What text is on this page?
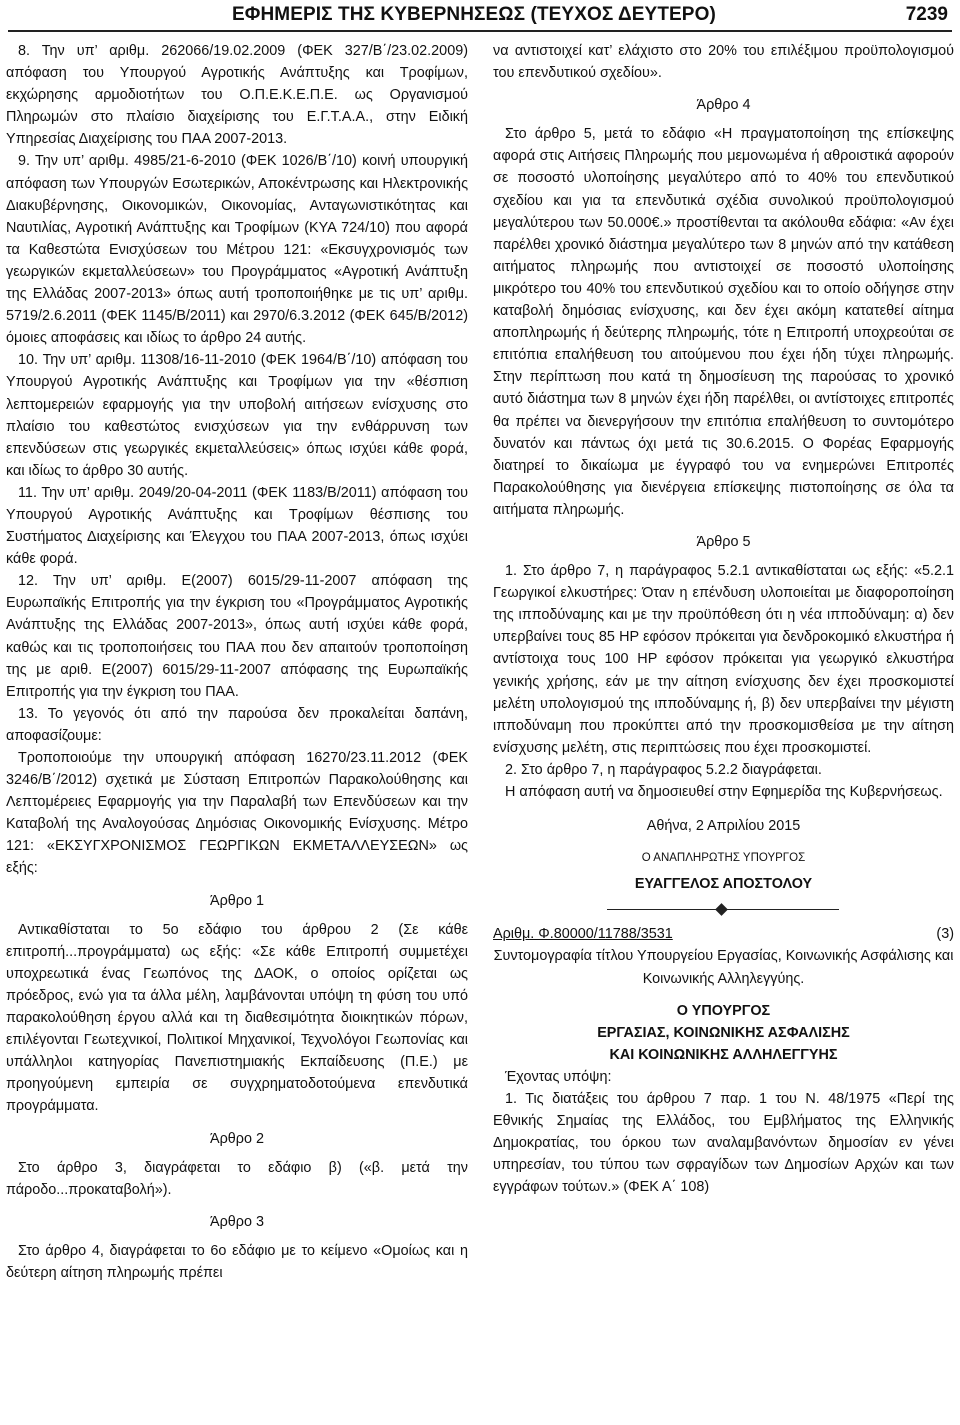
ΕΦΗΜΕΡΙΣ ΤΗΣ ΚΥΒΕΡΝΗΣΕΩΣ (ΤΕΥΧΟΣ ΔΕΥΤΕΡΟ)	7239

8. Την υπ’ αριθμ. 262066/19.02.2009 (ΦΕΚ 327/Β΄/23.02.2009) απόφαση του Υπουργού Αγροτικής Ανάπτυξης και Τροφίμων, εκχώρησης αρμοδιοτήτων του Ο.Π.Ε.Κ.Ε.Π.Ε. ως Οργανισμού Πληρωμών στο πλαίσιο διαχείρισης του Ε.Γ.Τ.Α.Α., στην Ειδική Υπηρεσίας Διαχείρισης του ΠΑΑ 2007-2013.

9. Την υπ’ αριθμ. 4985/21-6-2010 (ΦΕΚ 1026/Β΄/10) κοινή υπουργική απόφαση των Υπουργών Εσωτερικών, Αποκέντρωσης και Ηλεκτρονικής Διακυβέρνησης, Οικονομικών, Οικονομίας, Ανταγωνιστικότητας και Ναυτιλίας, Αγροτική Ανάπτυξης και Τροφίμων (ΚΥΑ 724/10) που αφορά τα Καθεστώτα Ενισχύσεων του Μέτρου 121: «Εκσυγχρονισμός των γεωργικών εκμεταλλεύσεων» του Προγράμματος «Αγροτική Ανάπτυξη της Ελλάδας 2007-2013» όπως αυτή τροποποιήθηκε με τις υπ’ αριθμ. 5719/2.6.2011 (ΦΕΚ 1145/Β/2011) και 2970/6.3.2012 (ΦΕΚ 645/Β/2012) όμοιες αποφάσεις και ιδίως το άρθρο 24 αυτής.

10. Την υπ’ αριθμ. 11308/16-11-2010 (ΦΕΚ 1964/Β΄/10) απόφαση του Υπουργού Αγροτικής Ανάπτυξης και Τροφίμων για την «θέσπιση λεπτομερειών εφαρμογής για την υποβολή αιτήσεων ενίσχυσης στο πλαίσιο του καθεστώτος ενισχύσεων για την ενθάρρυνση των επενδύσεων στις γεωργικές εκμεταλλεύσεις» όπως ισχύει κάθε φορά, και ιδίως το άρθρο 30 αυτής.

11. Την υπ’ αριθμ. 2049/20-04-2011 (ΦΕΚ 1183/Β/2011) απόφαση του Υπουργού Αγροτικής Ανάπτυξης και Τροφίμων θέσπισης του Συστήματος Διαχείρισης και Έλεγχου του ΠΑΑ 2007-2013, όπως ισχύει κάθε φορά.

12. Την υπ’ αριθμ. Ε(2007) 6015/29-11-2007 απόφαση της Ευρωπαϊκής Επιτροπής για την έγκριση του «Προγράμματος Αγροτικής Ανάπτυξης της Ελλάδας 2007-2013», όπως αυτή ισχύει κάθε φορά, καθώς και τις τροποποιήσεις του ΠΑΑ που δεν απαιτούν τροποποίηση της με αριθ. Ε(2007) 6015/29-11-2007 απόφασης της Ευρωπαϊκής Επιτροπής για την έγκριση του ΠΑΑ.

13. Το γεγονός ότι από την παρούσα δεν προκαλείται δαπάνη, αποφασίζουμε:

Τροποποιούμε την υπουργική απόφαση 16270/23.11.2012 (ΦΕΚ 3246/Β΄/2012) σχετικά με Σύσταση Επιτροπών Παρακολούθησης και Λεπτομέρειες Εφαρμογής για την Παραλαβή των Επενδύσεων και την Καταβολή της Αναλογούσας Δημόσιας Οικονομικής Ενίσχυσης. Μέτρο 121: «ΕΚΣΥΓΧΡΟΝΙΣΜΟΣ ΓΕΩΡΓΙΚΩΝ ΕΚΜΕΤΑΛΛΕΥΣΕΩΝ» ως εξής:

Άρθρο 1

Αντικαθίσταται το 5ο εδάφιο του άρθρου 2 (Σε κάθε επιτροπή...προγράμματα) ως εξής: «Σε κάθε Επιτροπή συμμετέχει υποχρεωτικά ένας Γεωπόνος της ΔΑΟΚ, ο οποίος ορίζεται ως πρόεδρος, ενώ για τα άλλα μέλη, λαμβάνονται υπόψη τη φύση του υπό παρακολούθηση έργου αλλά και τη διαθεσιμότητα διοικητικών πόρων, επιλέγονται Γεωτεχνικοί, Πολιτικοί Μηχανικοί, Τεχνολόγοι Γεωπονίας και υπάλληλοι κατηγορίας Πανεπιστημιακής Εκπαίδευσης (Π.Ε.) με προηγούμενη εμπειρία σε συγχρηματοδοτούμενα επενδυτικά προγράμματα.

Άρθρο 2

Στο άρθρο 3, διαγράφεται το εδάφιο β) («β. μετά την πάροδο...προκαταβολή»).

Άρθρο 3

Στο άρθρο 4, διαγράφεται το 6ο εδάφιο με το κείμενο «Ομοίως και η δεύτερη αίτηση πληρωμής πρέπει

να αντιστοιχεί κατ’ ελάχιστο στο 20% του επιλέξιμου προϋπολογισμού του επενδυτικού σχεδίου».

Άρθρο 4

Στο άρθρο 5, μετά το εδάφιο «Η πραγματοποίηση της επίσκεψης αφορά στις Αιτήσεις Πληρωμής που μεμονωμένα ή αθροιστικά αφορούν σε ποσοστό υλοποίησης μεγαλύτερο από το 40% του επενδυτικού σχεδίου και για τα επενδυτικά σχέδια συνολικού προϋπολογισμού μεγαλύτερου των 50.000€.» προστίθενται τα ακόλουθα εδάφια: «Αν έχει παρέλθει χρονικό διάστημα μεγαλύτερο των 8 μηνών από την κατάθεση αιτήματος πληρωμής που αντιστοιχεί σε ποσοστό υλοποίησης μικρότερο του 40% του επενδυτικού σχεδίου και το οποίο οδήγησε στην καταβολή δημόσιας ενίσχυσης, και δεν έχει ακόμη κατατεθεί αίτημα αποπληρωμής ή δεύτερης πληρωμής, τότε η Επιτροπή υποχρεούται σε επιτόπια επαλήθευση του αιτούμενου που έχει ήδη τύχει πληρωμής. Στην περίπτωση που κατά τη δημοσίευση της παρούσας το χρονικό αυτό διάστημα των 8 μηνών έχει ήδη παρέλθει, οι αντίστοιχες επιτροπές θα πρέπει να διενεργήσουν την επιτόπια επαλήθευση το συντομότερο δυνατόν και πάντως όχι μετά τις 30.6.2015. Ο Φορέας Εφαρμογής διατηρεί το δικαίωμα με έγγραφό του να ενημερώνει Επιτροπές Παρακολούθησης για διενέργεια επίσκεψης πιστοποίησης σε όλα τα αιτήματα πληρωμής.

Άρθρο 5

1. Στο άρθρο 7, η παράγραφος 5.2.1 αντικαθίσταται ως εξής: «5.2.1 Γεωργικοί ελκυστήρες: Όταν η επένδυση υλοποιείται με διαφοροποίηση της ιπποδύναμης και με την προϋπόθεση ότι η νέα ιπποδύναμη: α) δεν υπερβαίνει τους 85 ΗΡ εφόσον πρόκειται για δενδροκομικό ελκυστήρα ή αντίστοιχα τους 100 ΗΡ εφόσον πρόκειται για γεωργικό ελκυστήρα γενικής χρήσης, εάν με την αίτηση ενίσχυσης δεν έχει προσκομιστεί μελέτη υπολογισμού της ιπποδύναμης ή, β) δεν υπερβαίνει την μέγιστη ιπποδύναμη που προκύπτει από την προσκομισθείσα με την αίτηση ενίσχυσης μελέτη, στις περιπτώσεις που έχει προσκομιστεί.

2. Στο άρθρο 7, η παράγραφος 5.2.2 διαγράφεται.

Η απόφαση αυτή να δημοσιευθεί στην Εφημερίδα της Κυβερνήσεως.

Αθήνα, 2 Απριλίου 2015
Ο ΑΝΑΠΛΗΡΩΤΗΣ ΥΠΟΥΡΓΟΣ
ΕΥΑΓΓΕΛΟΣ ΑΠΟΣΤΟΛΟΥ
Αριθμ. Φ.80000/11788/3531	(3)
Συντομογραφία τίτλου Υπουργείου Εργασίας, Κοινωνικής Ασφάλισης και Κοινωνικής Αλληλεγγύης.
Ο ΥΠΟΥΡΓΟΣ
ΕΡΓΑΣΙΑΣ, ΚΟΙΝΩΝΙΚΗΣ ΑΣΦΑΛΙΣΗΣ
ΚΑΙ ΚΟΙΝΩΝΙΚΗΣ ΑΛΛΗΛΕΓΓΥΗΣ

Έχοντας υπόψη:

1. Τις διατάξεις του άρθρου 7 παρ. 1 του Ν. 48/1975 «Περί της Εθνικής Σημαίας της Ελλάδος, του Εμβλήματος της Ελληνικής Δημοκρατίας, του όρκου των αναλαμβανόντων δημοσίαν εν γένει υπηρεσίαν, του τύπου των σφραγίδων των Δημοσίων Αρχών και των εγγράφων τούτων.» (ΦΕΚ Α΄ 108)
